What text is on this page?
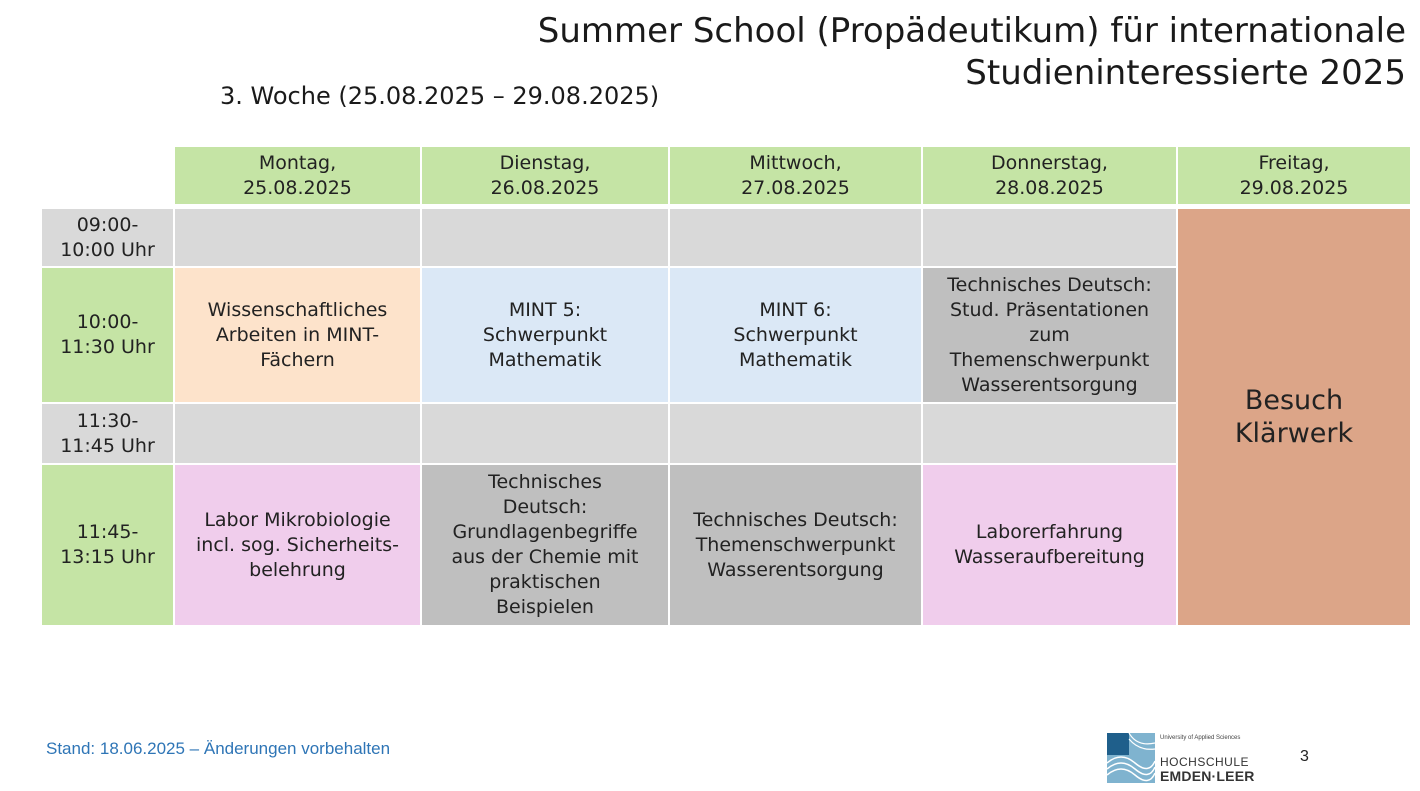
Summer School (Propädeutikum) für internationale
Studieninteressierte 2025

3. Woche (25.08.2025 – 29.08.2025)

Montag,
25.08.2025
Dienstag,
26.08.2025
Mittwoch,
27.08.2025
Donnerstag,
28.08.2025
Freitag,
29.08.2025
09:00-
10:00 Uhr
10:00-
11:30 Uhr
11:30-
11:45 Uhr
11:45-
13:15 Uhr
Wissenschaftliches
Arbeiten in MINT-
Fächern
MINT 5:
Schwerpunkt
Mathematik
MINT 6:
Schwerpunkt
Mathematik
Technisches Deutsch:
Stud. Präsentationen
zum
Themenschwerpunkt
Wasserentsorgung
Labor Mikrobiologie
incl. sog. Sicherheits-
belehrung
Technisches
Deutsch:
Grundlagenbegriffe
aus der Chemie mit
praktischen
Beispielen
Technisches Deutsch:
Themenschwerpunkt
Wasserentsorgung
Laborerfahrung
Wasseraufbereitung
Besuch
Klärwerk
Stand: 18.06.2025 – Änderungen vorbehalten
University of Applied Sciences
HOCHSCHULE
EMDEN·LEER
3
